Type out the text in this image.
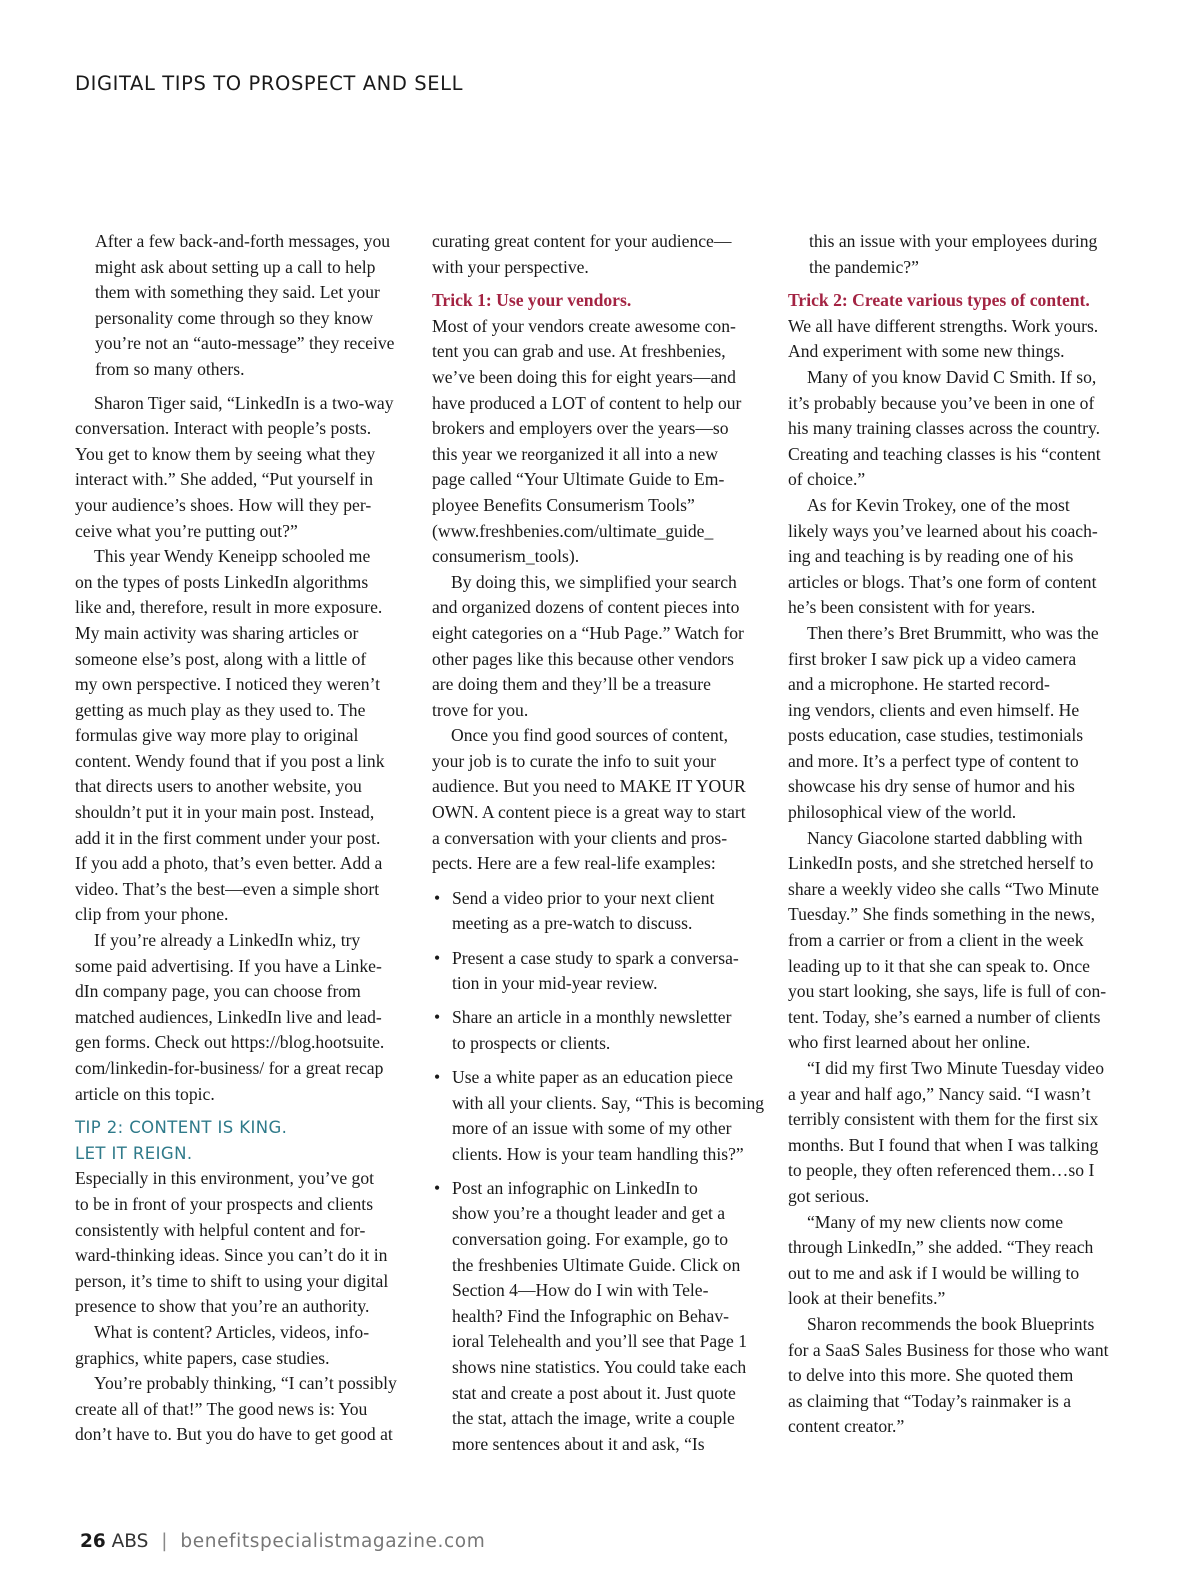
DIGITAL TIPS TO PROSPECT AND SELL
After a few back-and-forth messages, you
might ask about setting up a call to help
them with something they said. Let your
personality come through so they know
you’re not an “auto-message” they receive
from so many others.

Sharon Tiger said, “LinkedIn is a two-way
conversation. Interact with people’s posts.
You get to know them by seeing what they
interact with.” She added, “Put yourself in
your audience’s shoes. How will they per-
ceive what you’re putting out?”

This year Wendy Keneipp schooled me
on the types of posts LinkedIn algorithms
like and, therefore, result in more exposure.
My main activity was sharing articles or
someone else’s post, along with a little of
my own perspective. I noticed they weren’t
getting as much play as they used to. The
formulas give way more play to original
content. Wendy found that if you post a link
that directs users to another website, you
shouldn’t put it in your main post. Instead,
add it in the first comment under your post.
If you add a photo, that’s even better. Add a
video. That’s the best—even a simple short
clip from your phone.

If you’re already a LinkedIn whiz, try
some paid advertising. If you have a Linke-
dIn company page, you can choose from
matched audiences, LinkedIn live and lead-
gen forms. Check out https://blog.hootsuite.
com/linkedin-for-business/ for a great recap
article on this topic.

TIP 2: CONTENT IS KING.
LET IT REIGN.

Especially in this environment, you’ve got
to be in front of your prospects and clients
consistently with helpful content and for-
ward-thinking ideas. Since you can’t do it in
person, it’s time to shift to using your digital
presence to show that you’re an authority.

What is content? Articles, videos, info-
graphics, white papers, case studies.

You’re probably thinking, “I can’t possibly
create all of that!” The good news is: You
don’t have to. But you do have to get good at

curating great content for your audience—
with your perspective.

Trick 1: Use your vendors.

Most of your vendors create awesome con-
tent you can grab and use. At freshbenies,
we’ve been doing this for eight years—and
have produced a LOT of content to help our
brokers and employers over the years—so
this year we reorganized it all into a new
page called “Your Ultimate Guide to Em-
ployee Benefits Consumerism Tools”
(www.freshbenies.com/ultimate_guide_
consumerism_tools).

By doing this, we simplified your search
and organized dozens of content pieces into
eight categories on a “Hub Page.” Watch for
other pages like this because other vendors
are doing them and they’ll be a treasure
trove for you.

Once you find good sources of content,
your job is to curate the info to suit your
audience. But you need to MAKE IT YOUR
OWN. A content piece is a great way to start
a conversation with your clients and pros-
pects. Here are a few real-life examples:

• Send a video prior to your next client
meeting as a pre-watch to discuss.
• Present a case study to spark a conversa-
tion in your mid-year review.
• Share an article in a monthly newsletter
to prospects or clients.
• Use a white paper as an education piece
with all your clients. Say, “This is becoming
more of an issue with some of my other
clients. How is your team handling this?”
• Post an infographic on LinkedIn to
show you’re a thought leader and get a
conversation going. For example, go to
the freshbenies Ultimate Guide. Click on
Section 4—How do I win with Tele-
health? Find the Infographic on Behav-
ioral Telehealth and you’ll see that Page 1
shows nine statistics. You could take each
stat and create a post about it. Just quote
the stat, attach the image, write a couple
more sentences about it and ask, “Is
this an issue with your employees during
the pandemic?”
Trick 2: Create various types of content.

We all have different strengths. Work yours.
And experiment with some new things.

Many of you know David C Smith. If so,
it’s probably because you’ve been in one of
his many training classes across the country.
Creating and teaching classes is his “content
of choice.”

As for Kevin Trokey, one of the most
likely ways you’ve learned about his coach-
ing and teaching is by reading one of his
articles or blogs. That’s one form of content
he’s been consistent with for years.

Then there’s Bret Brummitt, who was the
first broker I saw pick up a video camera
and a microphone. He started record-
ing vendors, clients and even himself. He
posts education, case studies, testimonials
and more. It’s a perfect type of content to
showcase his dry sense of humor and his
philosophical view of the world.

Nancy Giacolone started dabbling with
LinkedIn posts, and she stretched herself to
share a weekly video she calls “Two Minute
Tuesday.” She finds something in the news,
from a carrier or from a client in the week
leading up to it that she can speak to. Once
you start looking, she says, life is full of con-
tent. Today, she’s earned a number of clients
who first learned about her online.

“I did my first Two Minute Tuesday video
a year and half ago,” Nancy said. “I wasn’t
terribly consistent with them for the first six
months. But I found that when I was talking
to people, they often referenced them…so I
got serious.

“Many of my new clients now come
through LinkedIn,” she added. “They reach
out to me and ask if I would be willing to
look at their benefits.”

Sharon recommends the book Blueprints
for a SaaS Sales Business for those who want
to delve into this more. She quoted them
as claiming that “Today’s rainmaker is a
content creator.”

26 ABS | benefitspecialistmagazine.com
